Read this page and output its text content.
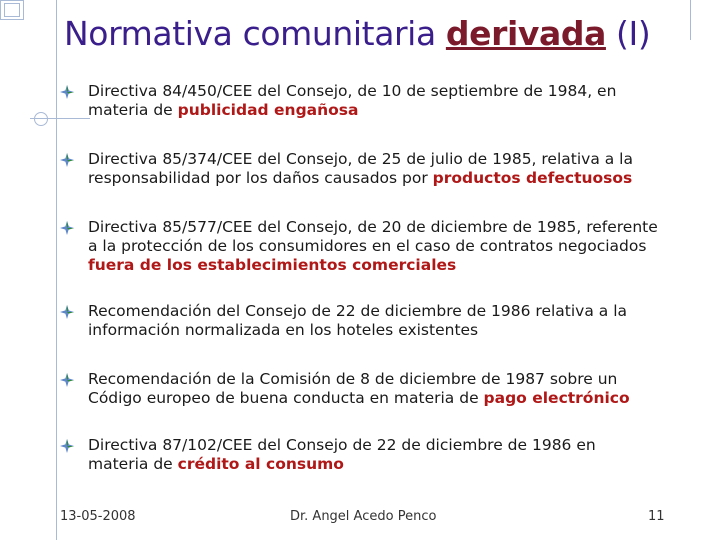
Normativa comunitaria derivada (I)
Directiva 84/450/CEE del Consejo, de 10 de septiembre de 1984, en materia de publicidad engañosa
Directiva 85/374/CEE del Consejo, de 25 de julio de 1985, relativa a la responsabilidad por los daños causados por productos defectuosos
Directiva 85/577/CEE del Consejo, de 20 de diciembre de 1985, referente a la protección de los consumidores en el caso de contratos negociados fuera de los establecimientos comerciales
Recomendación del Consejo de 22 de diciembre de 1986 relativa a la información normalizada en los hoteles existentes
Recomendación de la Comisión de 8 de diciembre de 1987 sobre un Código europeo de buena conducta en materia de pago electrónico
Directiva 87/102/CEE del Consejo de 22 de diciembre de 1986 en materia de crédito al consumo
13-05-2008	Dr. Angel Acedo Penco	11
